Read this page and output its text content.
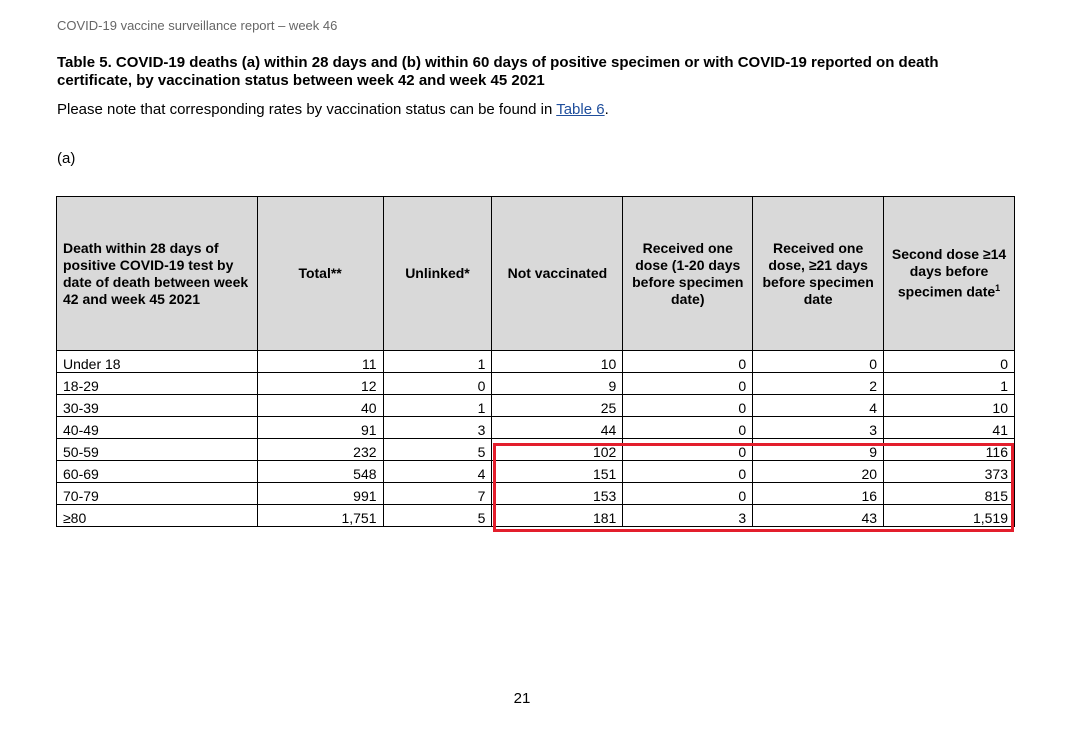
COVID-19 vaccine surveillance report – week 46
Table 5. COVID-19 deaths (a) within 28 days and (b) within 60 days of positive specimen or with COVID-19 reported on death certificate, by vaccination status between week 42 and week 45 2021
Please note that corresponding rates by vaccination status can be found in Table 6.
(a)
Death within 28 days of positive COVID-19 test by date of death between week 42 and week 45 2021	Total**	Unlinked*	Not vaccinated	Received one dose (1-20 days before specimen date)	Received one dose, ≥21 days before specimen date	Second dose ≥14 days before specimen date$^1$
Under 18	11	1	10	0	0	0
18-29	12	0	9	0	2	1
30-39	40	1	25	0	4	10
40-49	91	3	44	0	3	41
50-59	232	5	102	0	9	116
60-69	548	4	151	0	20	373
70-79	991	7	153	0	16	815
≥80	1,751	5	181	3	43	1,519
21
